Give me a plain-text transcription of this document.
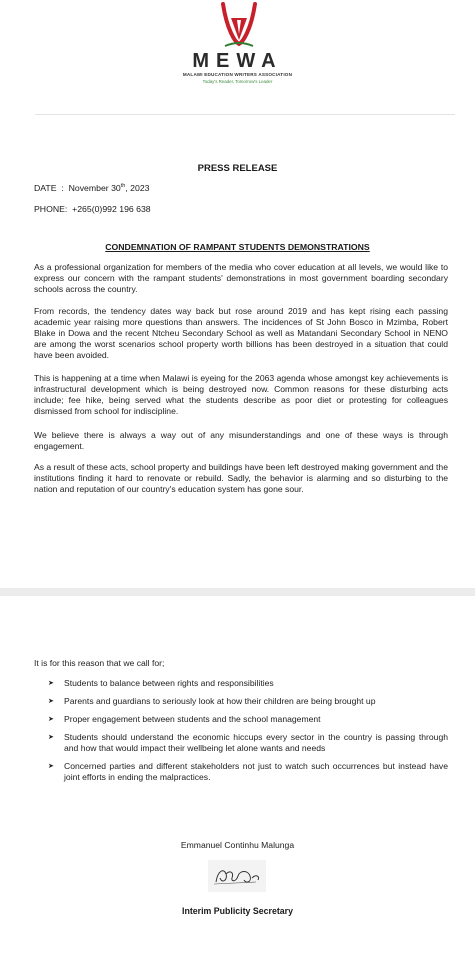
MEWA
MALAWI EDUCATION WRITERS ASSOCIATION
Today's Reader, Tomorrow's Leader
PRESS RELEASE
DATE : November 30th, 2023
PHONE: +265(0)992 196 638
CONDEMNATION OF RAMPANT STUDENTS DEMONSTRATIONS

As a professional organization for members of the media who cover education at all levels, we would like to express our concern with the rampant students' demonstrations in most government boarding secondary schools across the country.

From records, the tendency dates way back but rose around 2019 and has kept rising each passing academic year raising more questions than answers. The incidences of St John Bosco in Mzimba, Robert Blake in Dowa and the recent Ntcheu Secondary School as well as Matandani Secondary School in NENO are among the worst scenarios school property worth billions has been destroyed in a situation that could have been avoided.

This is happening at a time when Malawi is eyeing for the 2063 agenda whose amongst key achievements is infrastructural development which is being destroyed now. Common reasons for these disturbing acts include; fee hike, being served what the students describe as poor diet or protesting for colleagues dismissed from school for indiscipline.

We believe there is always a way out of any misunderstandings and one of these ways is through engagement.

As a result of these acts, school property and buildings have been left destroyed making government and the institutions finding it hard to renovate or rebuild. Sadly, the behavior is alarming and so disturbing to the nation and reputation of our country's education system has gone sour.

It is for this reason that we call for;
➤ Students to balance between rights and responsibilities
➤ Parents and guardians to seriously look at how their children are being brought up
➤ Proper engagement between students and the school management
➤ Students should understand the economic hiccups every sector in the country is passing through and how that would impact their wellbeing let alone wants and needs
➤ Concerned parties and different stakeholders not just to watch such occurrences but instead have joint efforts in ending the malpractices.
Emmanuel Continhu Malunga
Interim Publicity Secretary
